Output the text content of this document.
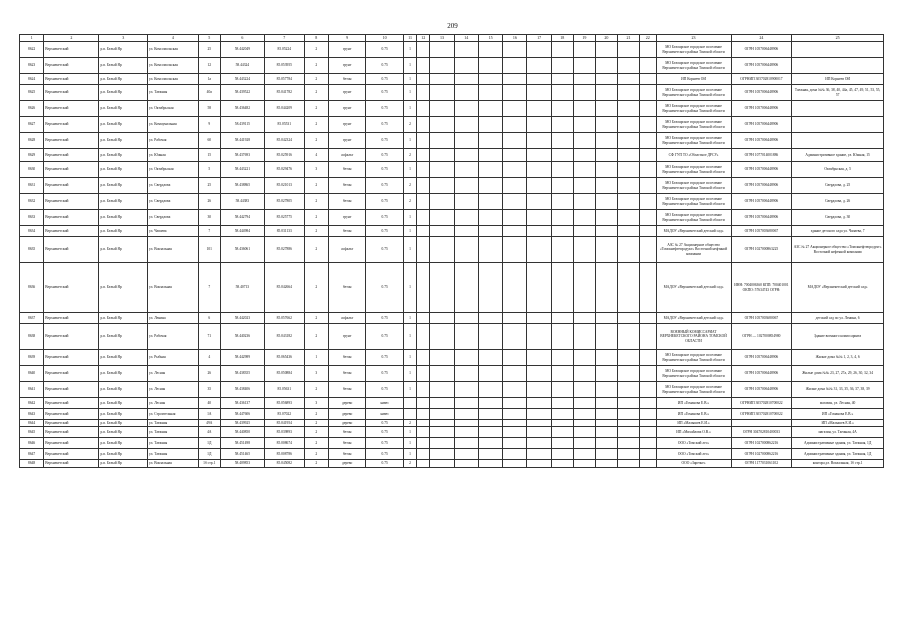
209
1	2	3	4	5	6	7	8	9	10	11	12	13	14	15	16	17	18	19	20	21	22	23	24	25
8622	Верхнекетский	р.п. Белый Яр	ул. Комсомольская	25	58.442049	85.05224	2	грунт	0.75	1												МО Белоярское городское поселение Верхнекетского района Томской области	ОГРН 1057006448906	
8623	Верхнекетский	р.п. Белый Яр	ул. Комсомольская	12	58.44324	85.053955	2	грунт	0.75	1												МО Белоярское городское поселение Верхнекетского района Томской области	ОГРН 1057006448906	
8624	Верхнекетский	р.п. Белый Яр	ул. Комсомольская	1а	58.443224	85.057784	2	бетон	0.75	1												ИП Корнеев ОИ	ОГРНИП 305702810900017	ИП Корнеев ОИ
8625	Верхнекетский	р.п. Белый Яр	ул. Таежная	40а	58.439522	85.041782	2	грунт	0.75	1												МО Белоярское городское поселение Верхнекетского района Томской области	ОГРН 1057006448906	Таежная, дома №№ 36, 38, 40, 44а, 45, 47, 49, 51, 53, 55, 57
8626	Верхнекетский	р.п. Белый Яр	ул. Октябрьская	58	58.436482	85.044209	2	грунт	0.75	1												МО Белоярское городское поселение Верхнекетского района Томской области	ОГРН 1057006448906	
8627	Верхнекетский	р.п. Белый Яр	ул. Коммунальная	9	58.439115	85.05531	2	грунт	0.75	2												МО Белоярское городское поселение Верхнекетского района Томской области	ОГРН 1057006448906	
8628	Верхнекетский	р.п. Белый Яр	ул. Рабочая	60	58.441928	85.042324	2	грунт	0.75	1												МО Белоярское городское поселение Верхнекетского района Томской области	ОГРН 1057006448906	
8629	Верхнекетский	р.п. Белый Яр	ул. Южная	15	58.437693	85.025916	4	асфальт	0.75	2												СФ ГУП ТО «Областное ДРСУ»	ОГРН 1077014001886	Административное здание, ул. Южная, 15
8630	Верхнекетский	р.п. Белый Яр	ул. Октябрьская	5	58.443221	85.029476	3	бетон	0.75	1												МО Белоярское городское поселение Верхнекетского района Томской области	ОГРН 1057006448906	Октябрьская, д. 5
8631	Верхнекетский	р.п. Белый Яр	ул. Свердлова	25	58.438865	85.021013	2	бетон	0.75	2												МО Белоярское городское поселение Верхнекетского района Томской области	ОГРН 1057006448906	Свердлова, д. 25
8632	Верхнекетский	р.п. Белый Яр	ул. Свердлова	26	58.44383	85.027805	2	бетон	0.75	2												МО Белоярское городское поселение Верхнекетского района Томской области	ОГРН 1057006448906	Свердлова, д. 26
8633	Верхнекетский	р.п. Белый Яр	ул. Свердлова	30	58.442794	85.025775	2	грунт	0.75	1												МО Белоярское городское поселение Верхнекетского района Томской области	ОГРН 1057006448906	Свердлова, д. 30
8634	Верхнекетский	р.п. Белый Яр	ул. Чапаева	7	58.444984	85.031133	2	бетон	0.75	1												МАДОУ «Верхнекетский детский сад»	ОГРН 1057003680067	здание детского сада ул. Чапаева, 7
8635	Верхнекетский	р.п. Белый Яр	ул. Вокзальная	101	58.436061	85.027886	2	асфальт	0.75	1												АЗС № 27 Акционерное общество «Томскнефтепродукт» Восточной нефтяной компании	ОГРН 1027000863225	АЗС № 27 Акционерное общество «Томскнефтепродукт» Восточной нефтяной компании
8636	Верхнекетский	р.п. Белый Яр	ул. Вокзальная	7	58.40713	85.042664	2	бетон	0.75	1												МАДОУ «Верхнекетский детский сад»	ИНН: 7004006360 КПП: 700401001 ОКПО: 57634743 ОГРН:	МАДОУ «Верхнекетский детский сад»
8637	Верхнекетский	р.п. Белый Яр	ул. Ленина	6	58.442023	85.057662	2	асфальт	0.75	1												МАДОУ «Верхнекетский детский сад»	ОГРН 1057003680067	детский сад по ул. Ленина, 6
8638	Верхнекетский	р.п. Белый Яр	ул. Рабочая	71	58.440236	85.043182	2	грунт	0.75	1												ВОЕННЫЙ КОМИССАРИАТ ВЕРХНЕКЕТСКОГО РАЙОНА ТОМСКОЙ ОБЛАСТИ	ОГРН — 1027000854980	Здание военного комиссариата
8639	Верхнекетский	р.п. Белый Яр	ул. Рыбная	4	58.442989	85.065436	1	бетон	0.75	1												МО Белоярское городское поселение Верхнекетского района Томской области	ОГРН 1057006448906	Жилые дома №№ 1, 2, 3, 4, 6
8640	Верхнекетский	р.п. Белый Яр	ул. Лесная	26	58.438355	85.050884	3	бетон	0.75	1												МО Белоярское городское поселение Верхнекетского района Томской области	ОГРН 1057006448906	Жилые дома №№ 23, 27, 27а, 29, 26, 30, 32, 34
8641	Верхнекетский	р.п. Белый Яр	ул. Лесная	35	58.438406	85.05631	2	бетон	0.75	1												МО Белоярское городское поселение Верхнекетского района Томской области	ОГРН 1057006448906	Жилые дома №№ 31, 33, 35, 36, 37, 38, 39
8642	Верхнекетский	р.п. Белый Яр	ул. Лесная	40	58.436137	85.056893	3	дерево	навес													ИП «Гоманова Е.В.»	ОГРНИП 305702810700022	магазин, ул. Лесная, 40
8643	Верхнекетский	р.п. Белый Яр	ул. Строительная	1А	58.447606	85.07022	2	дерево	навес													ИП «Гоманова Е.В.»	ОГРНИП 305702810700022	ИП «Гоманова Е.В.»
8644	Верхнекетский	р.п. Белый Яр	ул. Таежная	49А	58.439925	85.041954	2	дерево	0.75	2												ИП «Малышев Е.И.»		ИП «Малышев Е.И.»
8645	Верхнекетский	р.п. Белый Яр	ул. Таежная	4А	58.440850	85.039893	2	бетон	0.75	1												ИП «Михайлова О.В.»	ОГРН 304702810400033	магазин, ул. Таежная, 4А
8646	Верхнекетский	р.п. Белый Яр	ул. Таежная	1Д	58.451498	85.008674	2	бетон	0.75	1												ООО «Томский лес»	ОГРН 1027000862216	Административные здания, ул. Таежная, 1Д
8647	Верхнекетский	р.п. Белый Яр	ул. Таежная	1Д	58.451465	85.008786	2	бетон	0.75	1												ООО «Томский лес»	ОГРН 1027000862216	Административные здания, ул. Таежная, 1Д
8648	Верхнекетский	р.п. Белый Яр	ул. Вокзальная	1б стр.1	58.409853	85.045082	2	дерево	0.75	2												ООО «Заречье»	ОГРН 1177031061102	контора,ул. Вокзальная, 1б стр.1
